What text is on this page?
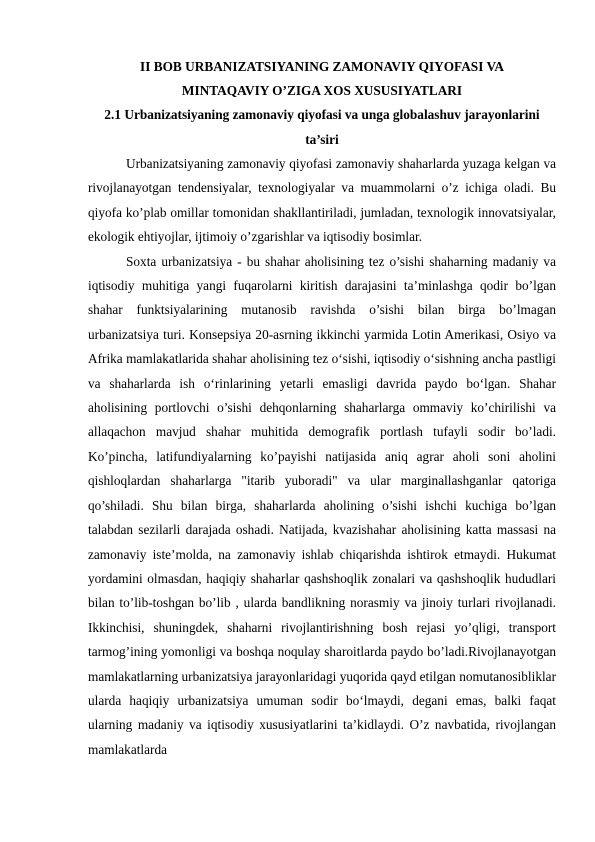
II BOB URBANIZATSIYANING ZAMONAVIY QIYOFASI VA
MINTAQAVIY O’ZIGA XOS XUSUSIYATLARI
2.1 Urbanizatsiyaning zamonaviy qiyofasi va unga globalashuv jarayonlarini
ta’siri

Urbanizatsiyaning zamonaviy qiyofasi zamonaviy shaharlarda yuzaga kelgan va rivojlanayotgan tendensiyalar, texnologiyalar va muammolarni o’z ichiga oladi. Bu qiyofa ko’plab omillar tomonidan shakllantiriladi, jumladan, texnologik innovatsiyalar, ekologik ehtiyojlar, ijtimoiy o’zgarishlar va iqtisodiy bosimlar.

Soxta urbanizatsiya - bu shahar aholisining tez o’sishi shaharning madaniy va iqtisodiy muhitiga yangi fuqarolarni kiritish darajasini ta’minlashga qodir bo’lgan shahar funktsiyalarining mutanosib ravishda o’sishi bilan birga bo’lmagan urbanizatsiya turi. Konsepsiya 20-asrning ikkinchi yarmida Lotin Amerikasi, Osiyo va Afrika mamlakatlarida shahar aholisining tez o‘sishi, iqtisodiy o‘sishning ancha pastligi va shaharlarda ish o‘rinlarining yetarli emasligi davrida paydo bo‘lgan. Shahar aholisining portlovchi o’sishi dehqonlarning shaharlarga ommaviy ko’chirilishi va allaqachon mavjud shahar muhitida demografik portlash tufayli sodir bo’ladi. Ko’pincha, latifundiyalarning ko’payishi natijasida aniq agrar aholi soni aholini qishloqlardan shaharlarga "itarib yuboradi" va ular marginallashganlar qatoriga qo’shiladi. Shu bilan birga, shaharlarda aholining o’sishi ishchi kuchiga bo’lgan talabdan sezilarli darajada oshadi. Natijada, kvazishahar aholisining katta massasi na zamonaviy iste’molda, na zamonaviy ishlab chiqarishda ishtirok etmaydi. Hukumat yordamini olmasdan, haqiqiy shaharlar qashshoqlik zonalari va qashshoqlik hududlari bilan to’lib-toshgan bo’lib , ularda bandlikning norasmiy va jinoiy turlari rivojlanadi. Ikkinchisi, shuningdek, shaharni rivojlantirishning bosh rejasi yo’qligi, transport tarmog’ining yomonligi va boshqa noqulay sharoitlarda paydo bo’ladi.Rivojlanayotgan mamlakatlarning urbanizatsiya jarayonlaridagi yuqorida qayd etilgan nomutanosibliklar ularda haqiqiy urbanizatsiya umuman sodir bo‘lmaydi, degani emas, balki faqat ularning madaniy va iqtisodiy xususiyatlarini ta’kidlaydi. O’z navbatida, rivojlangan mamlakatlarda
